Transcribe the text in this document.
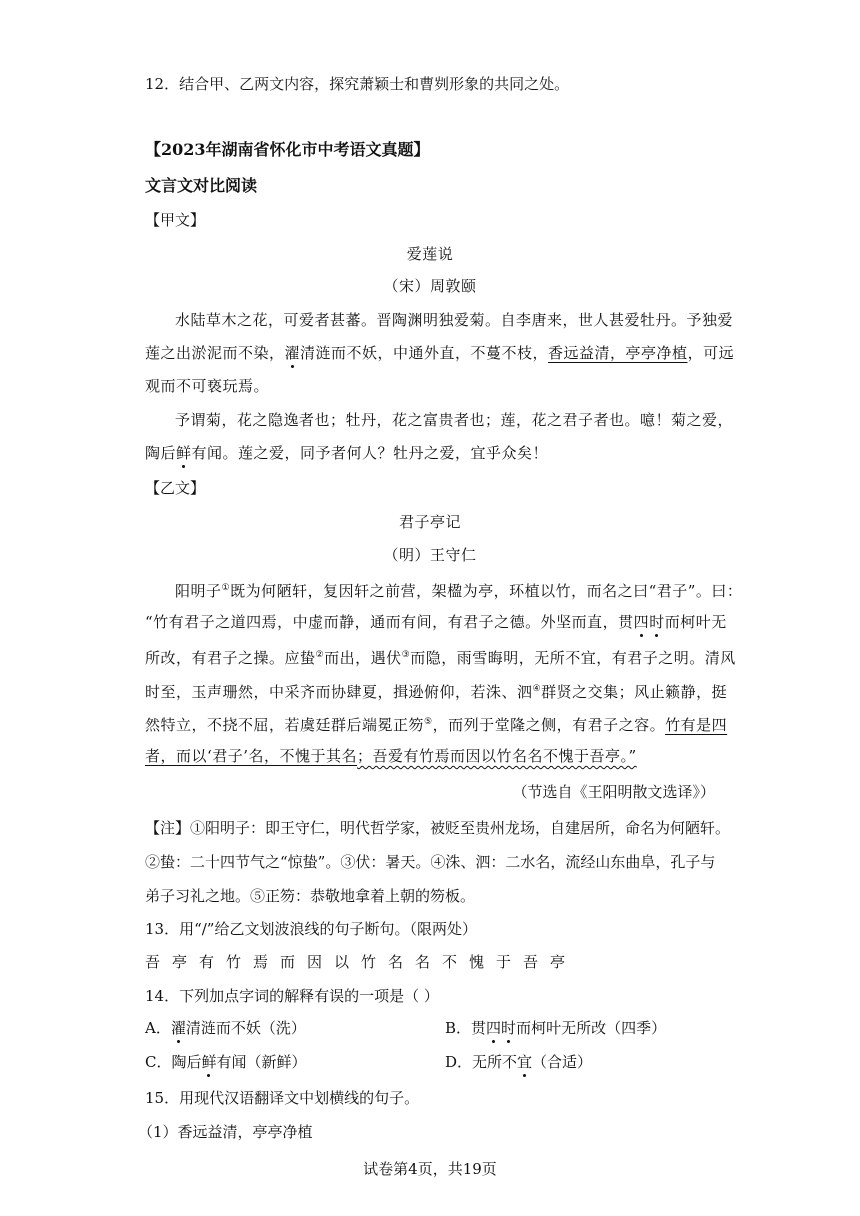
12．结合甲、乙两文内容，探究萧颖士和曹刿形象的共同之处。
【2023年湖南省怀化市中考语文真题】
文言文对比阅读
【甲文】
爱莲说
（宋）周敦颐
水陆草木之花，可爱者甚蕃。晋陶渊明独爱菊。自李唐来，世人甚爱牡丹。予独爱
莲之出淤泥而不染，濯清涟而不妖，中通外直，不蔓不枝，香远益清，亭亭净植，可远
观而不可亵玩焉。
予谓菊，花之隐逸者也；牡丹，花之富贵者也；莲，花之君子者也。噫！菊之爱，
陶后鲜有闻。莲之爱，同予者何人？牡丹之爱，宜乎众矣！
【乙文】
君子亭记
（明）王守仁
阳明子①既为何陋轩，复因轩之前营，架楹为亭，环植以竹，而名之曰“君子”。曰：
“竹有君子之道四焉，中虚而静，通而有间，有君子之德。外坚而直，贯四时而柯叶无
所改，有君子之操。应蛰②而出，遇伏③而隐，雨雪晦明，无所不宜，有君子之明。清风
时至，玉声珊然，中采齐而协肆夏，揖逊俯仰，若洙、泗④群贤之交集；风止籁静，挺
然特立，不挠不屈，若虞廷群后端冕正笏⑤，而列于堂隆之侧，有君子之容。竹有是四
者，而以‘君子’名，不愧于其名；吾爱有竹焉而因以竹名名不愧于吾亭。”
（节选自《王阳明散文选译》）
【注】①阳明子：即王守仁，明代哲学家，被贬至贵州龙场，自建居所，命名为何陋轩。
②蛰：二十四节气之“惊蛰”。③伏：暑天。④洙、泗：二水名，流经山东曲阜，孔子与
弟子习礼之地。⑤正笏：恭敬地拿着上朝的笏板。
13．用“/”给乙文划波浪线的句子断句。（限两处）
吾亭有竹焉而因以竹名名不愧于吾亭
14．下列加点字词的解释有误的一项是（ ）
A．濯清涟而不妖（洗）	B．贯四时而柯叶无所改（四季）
C．陶后鲜有闻（新鲜）	D．无所不宜（合适）
15．用现代汉语翻译文中划横线的句子。
（1）香远益清，亭亭净植
试卷第4页，共19页
